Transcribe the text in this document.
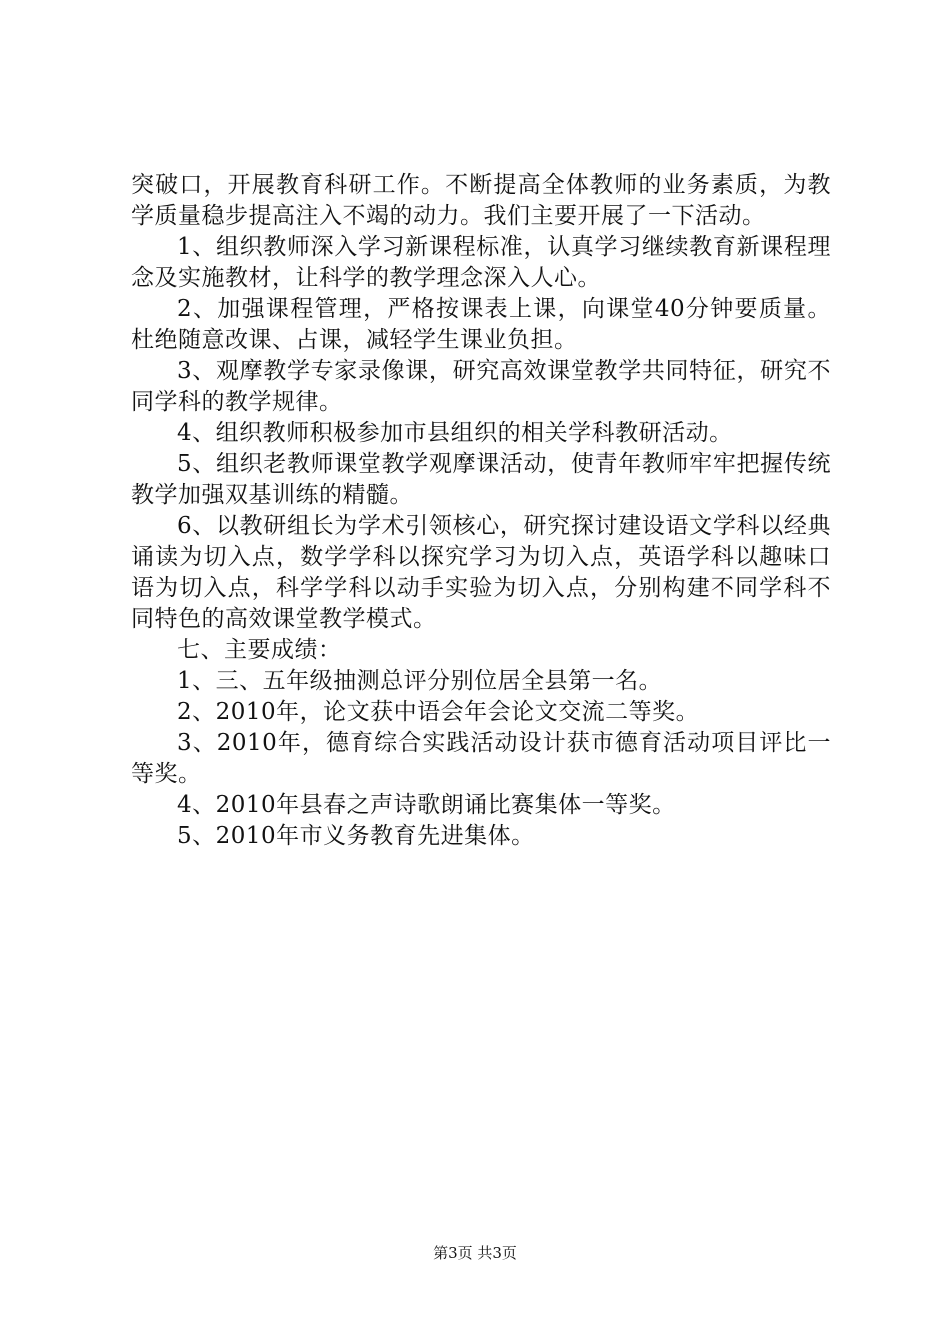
突破口，开展教育科研工作。不断提高全体教师的业务素质，为教学质量稳步提高注入不竭的动力。我们主要开展了一下活动。

1、组织教师深入学习新课程标准，认真学习继续教育新课程理念及实施教材，让科学的教学理念深入人心。

2、加强课程管理，严格按课表上课，向课堂40分钟要质量。杜绝随意改课、占课，减轻学生课业负担。

3、观摩教学专家录像课，研究高效课堂教学共同特征，研究不同学科的教学规律。

4、组织教师积极参加市县组织的相关学科教研活动。

5、组织老教师课堂教学观摩课活动，使青年教师牢牢把握传统教学加强双基训练的精髓。

6、以教研组长为学术引领核心，研究探讨建设语文学科以经典诵读为切入点，数学学科以探究学习为切入点，英语学科以趣味口语为切入点，科学学科以动手实验为切入点，分别构建不同学科不同特色的高效课堂教学模式。

七、主要成绩：

1、三、五年级抽测总评分别位居全县第一名。

2、2010年，论文获中语会年会论文交流二等奖。

3、2010年，德育综合实践活动设计获市德育活动项目评比一等奖。

4、2010年县春之声诗歌朗诵比赛集体一等奖。

5、2010年市义务教育先进集体。

第3页 共3页
